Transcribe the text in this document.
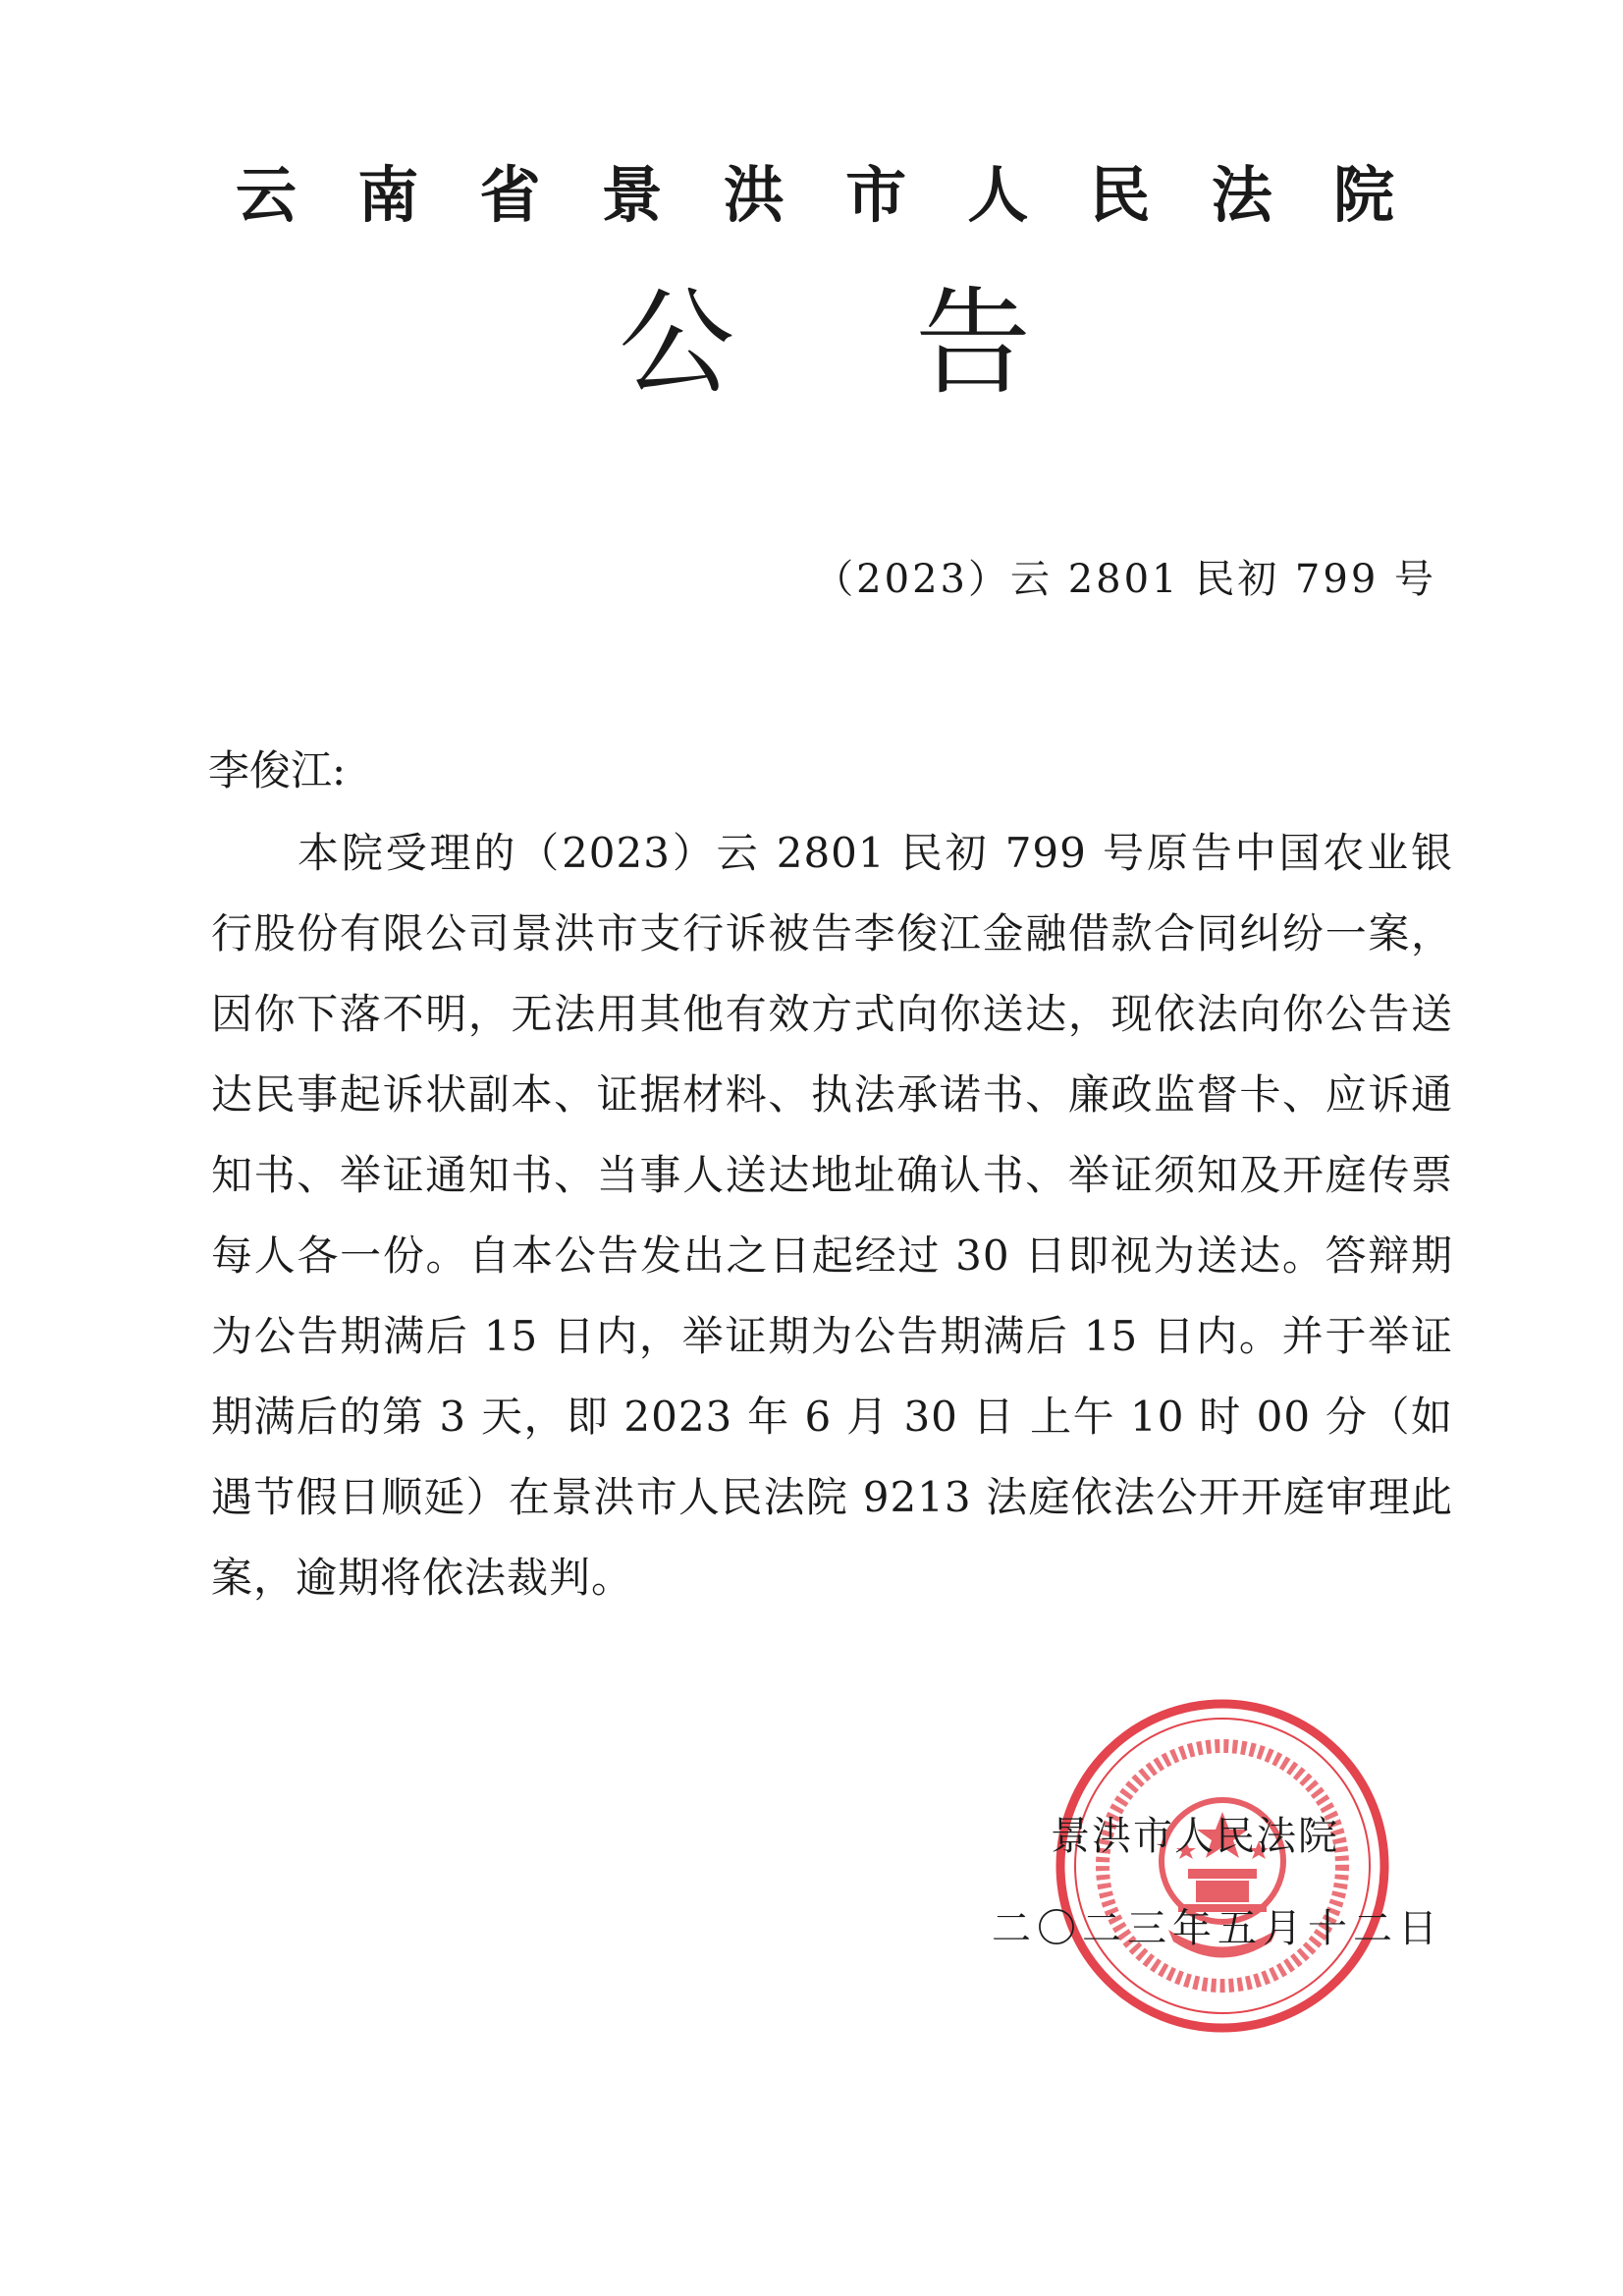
云 南 省 景 洪 市 人 民 法 院
公 告
（2023）云 2801 民初 799 号
李俊江:

本院受理的（2023）云 2801 民初 799 号原告中国农业银行股份有限公司景洪市支行诉被告李俊江金融借款合同纠纷一案，因你下落不明，无法用其他有效方式向你送达，现依法向你公告送达民事起诉状副本、证据材料、执法承诺书、廉政监督卡、应诉通知书、举证通知书、当事人送达地址确认书、举证须知及开庭传票每人各一份。自本公告发出之日起经过 30 日即视为送达。答辩期为公告期满后 15 日内，举证期为公告期满后 15 日内。并于举证期满后的第 3 天，即 2023 年 6 月 30 日 上午 10 时 00 分（如遇节假日顺延）在景洪市人民法院 9213 法庭依法公开开庭审理此案，逾期将依法裁判。

景洪市人民法院
二〇二三年五月十二日
